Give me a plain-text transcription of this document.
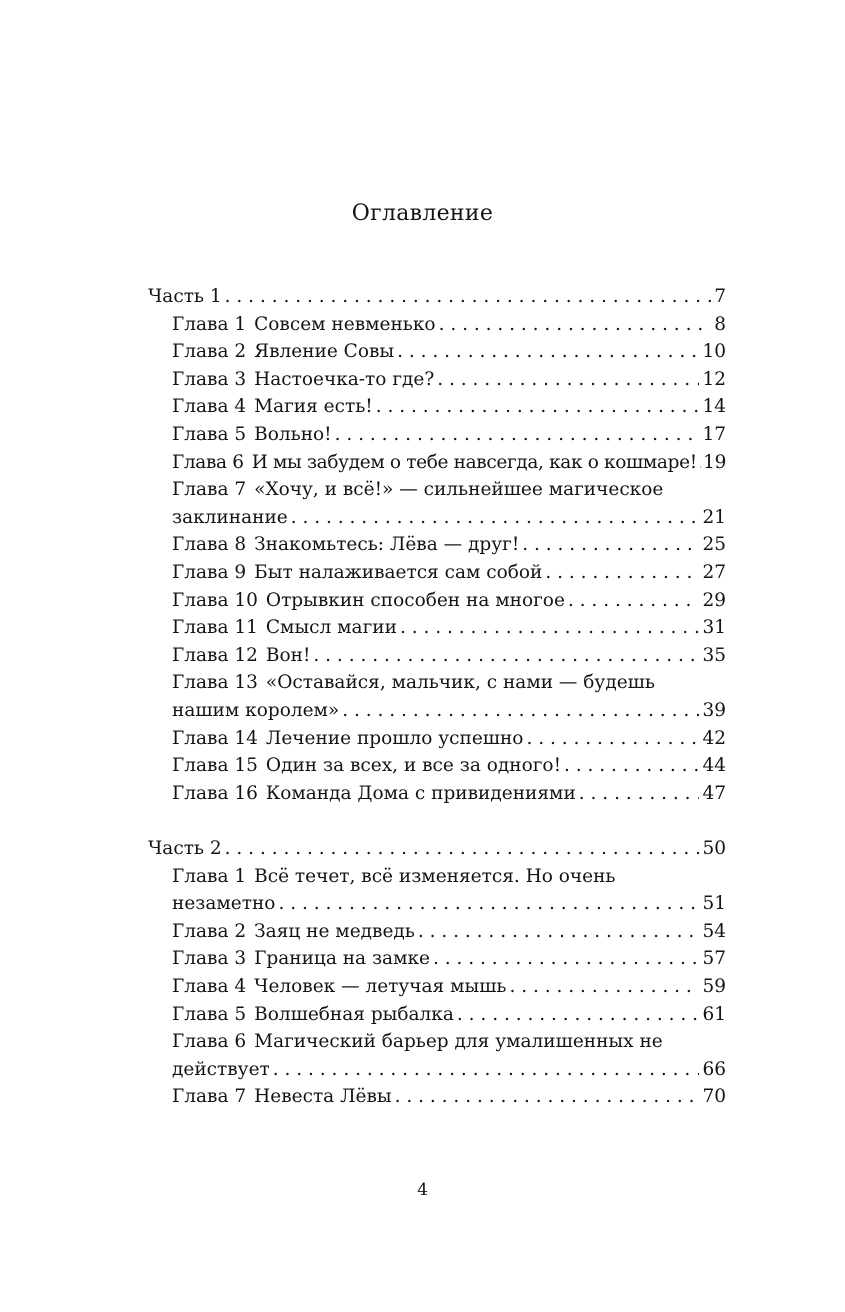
Оглавление
Часть 1 . . .	7
Глава 1 Совсем невменько . . .	8
Глава 2 Явление Совы . . .	10
Глава 3 Настоечка-то где? . . .	12
Глава 4 Магия есть! . . .	14
Глава 5 Вольно! . . .	17
Глава 6 И мы забудем о тебе навсегда, как о кошмаре! . . . 19
Глава 7 «Хочу, и всё!» — сильнейшее магическое
заклинание . . .	21
Глава 8 Знакомьтесь: Лёва — друг! . . .	25
Глава 9 Быт налаживается сам собой . . .	27
Глава 10 Отрывкин способен на многое . . .	29
Глава 11 Смысл магии . . .	31
Глава 12 Вон! . . .	35
Глава 13 «Оставайся, мальчик, с нами — будешь
нашим королем» . . .	39
Глава 14 Лечение прошло успешно . . .	42
Глава 15 Один за всех, и все за одного! . . .	44
Глава 16 Команда Дома с привидениями . . .	47
Часть 2 . . .	50
Глава 1 Всё течет, всё изменяется. Но очень
незаметно . . .	51
Глава 2 Заяц не медведь . . .	54
Глава 3 Граница на замке . . .	57
Глава 4 Человек — летучая мышь . . .	59
Глава 5 Волшебная рыбалка . . .	61
Глава 6 Магический барьер для умалишенных не
действует . . .	66
Глава 7 Невеста Лёвы . . .	70
4
